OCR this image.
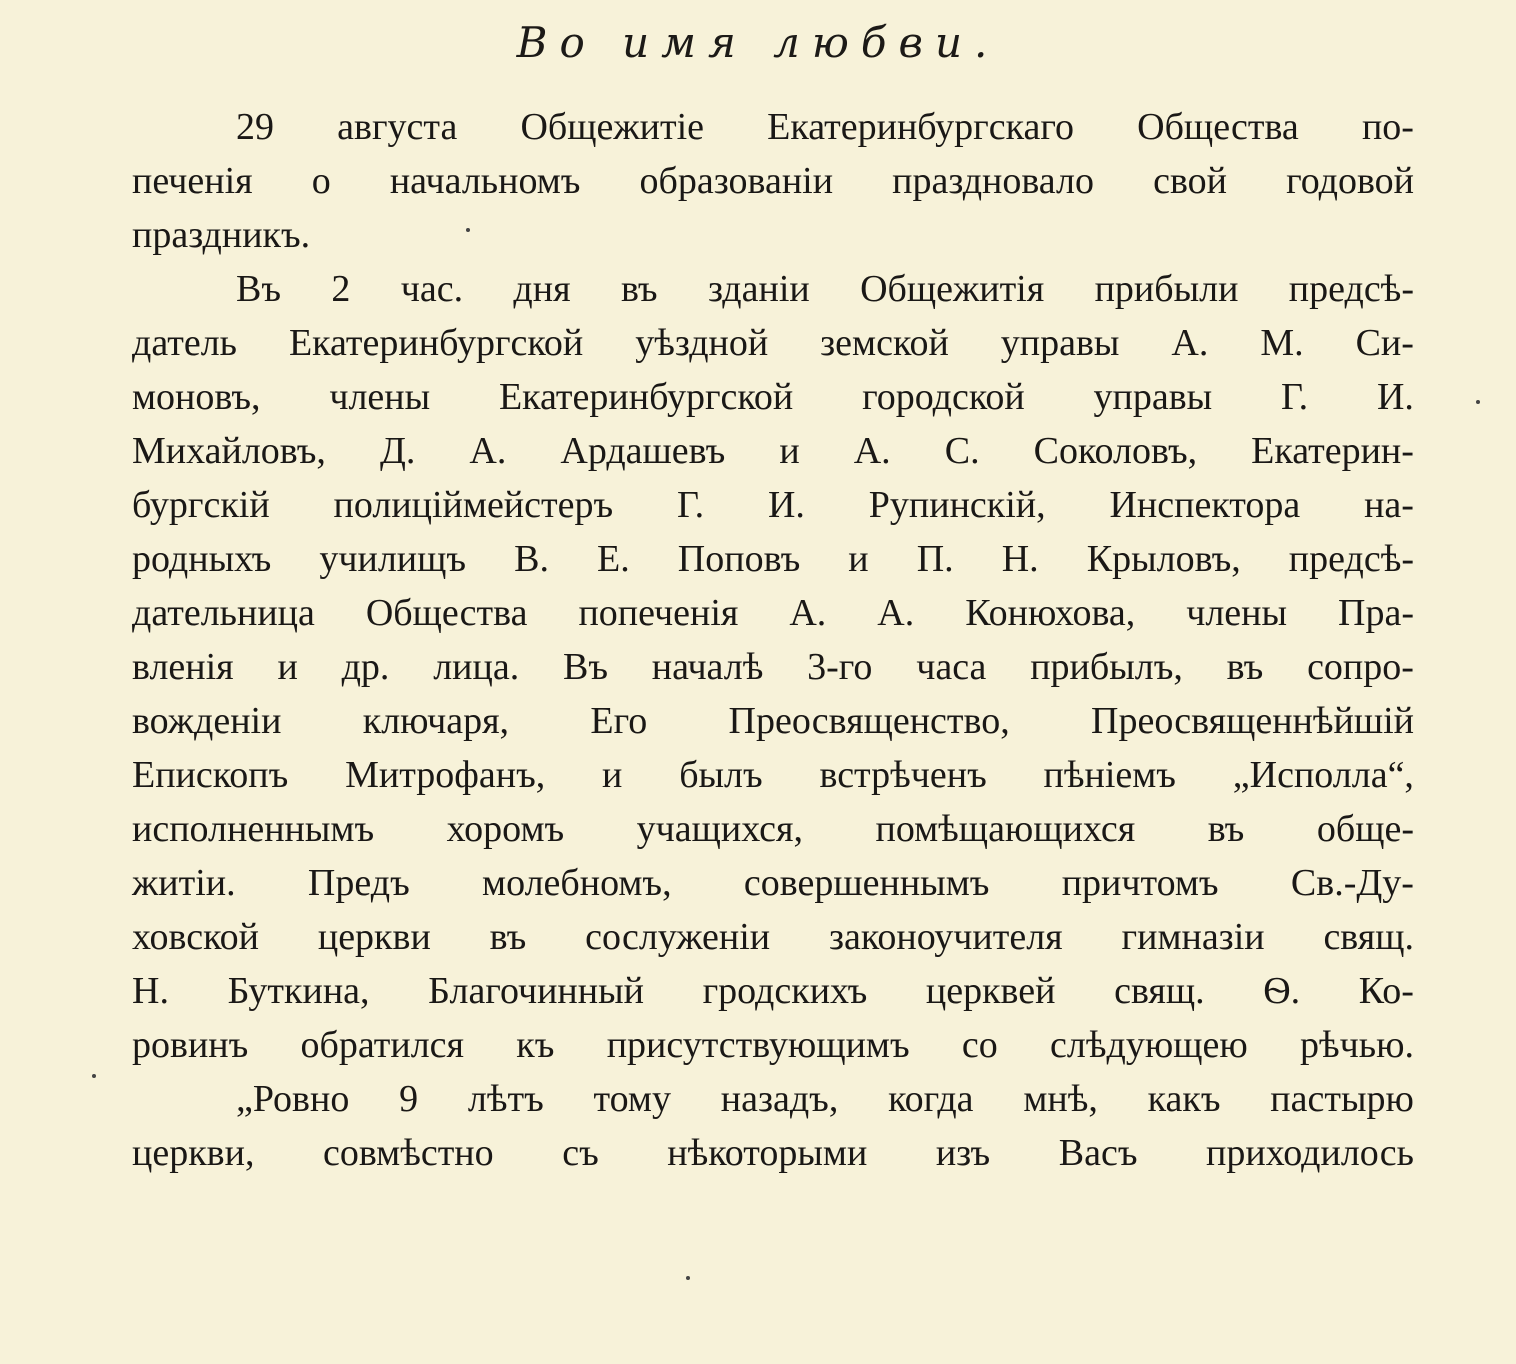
Во имя любви.
29 августа Общежитіе Екатеринбургскаго Общества по-
печенія о начальномъ образованіи праздновало свой годовой
праздникъ.
Въ 2 час. дня въ зданіи Общежитія прибыли предсѣ-
датель Екатеринбургской уѣздной земской управы А. М. Си-
моновъ, члены Екатеринбургской городской управы Г. И.
Михайловъ, Д. А. Ардашевъ и А. С. Соколовъ, Екатерин-
бургскій полиціймейстеръ Г. И. Рупинскій, Инспектора на-
родныхъ училищъ В. Е. Поповъ и П. Н. Крыловъ, предсѣ-
дательница Общества попеченія А. А. Конюхова, члены Пра-
вленія и др. лица. Въ началѣ 3-го часа прибылъ, въ сопро-
вожденіи ключаря, Его Преосвященство, Преосвященнѣйшій
Епископъ Митрофанъ, и былъ встрѣченъ пѣніемъ „Исполла“,
исполненнымъ хоромъ учащихся, помѣщающихся въ обще-
житіи. Предъ молебномъ, совершеннымъ причтомъ Св.-Ду-
ховской церкви въ сослуженіи законоучителя гимназіи свящ.
Н. Буткина, Благочинный гродскихъ церквей свящ. Ѳ. Ко-
ровинъ обратился къ присутствующимъ со слѣдующею рѣчью.
„Ровно 9 лѣтъ тому назадъ, когда мнѣ, какъ пастырю
церкви, совмѣстно съ нѣкоторыми изъ Васъ приходилось
